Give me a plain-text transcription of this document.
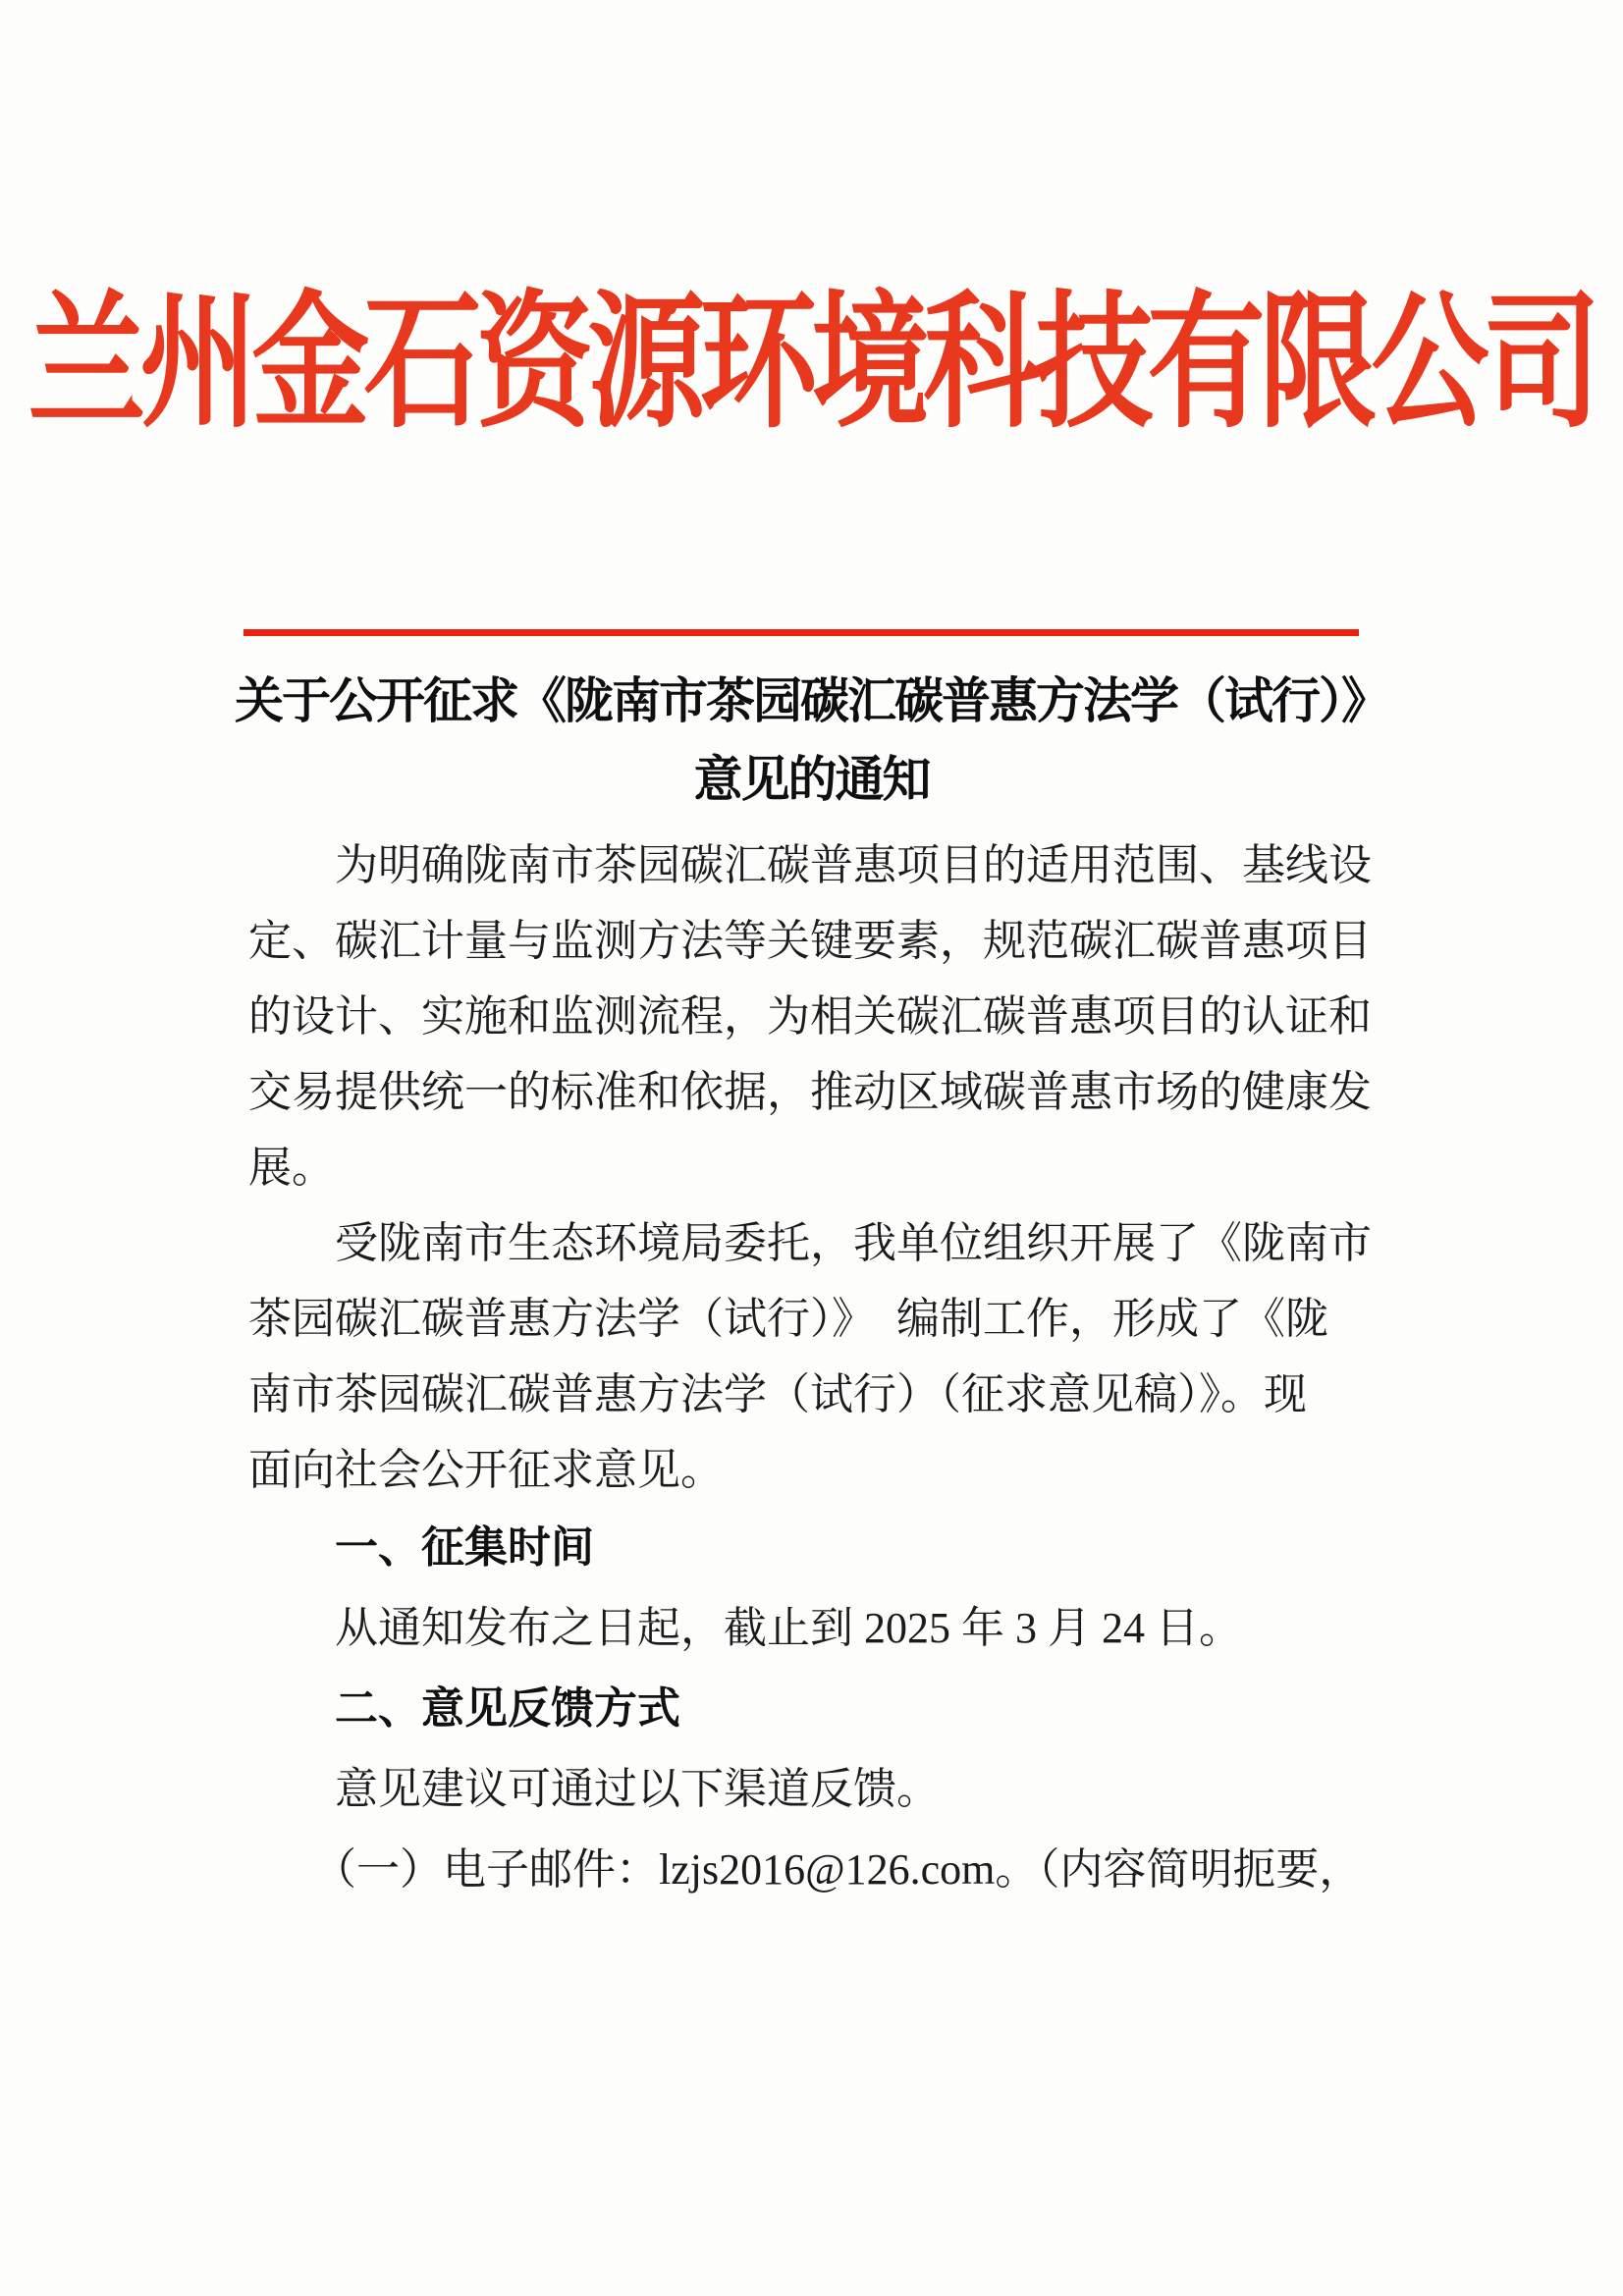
兰州金石资源环境科技有限公司
关于公开征求《陇南市茶园碳汇碳普惠方法学（试行）》
意见的通知
　　为明确陇南市茶园碳汇碳普惠项目的适用范围、基线设
定、碳汇计量与监测方法等关键要素，规范碳汇碳普惠项目
的设计、实施和监测流程，为相关碳汇碳普惠项目的认证和
交易提供统一的标准和依据，推动区域碳普惠市场的健康发
展。
　　受陇南市生态环境局委托，我单位组织开展了《陇南市
茶园碳汇碳普惠方法学（试行）》　编制工作，形成了《陇
南市茶园碳汇碳普惠方法学（试行）（征求意见稿）》。现
面向社会公开征求意见。
一、征集时间
　　从通知发布之日起，截止到 2025 年 3 月 24 日。
二、意见反馈方式
　　意见建议可通过以下渠道反馈。
　　（一）电子邮件：lzjs2016@126.com。（内容简明扼要，
